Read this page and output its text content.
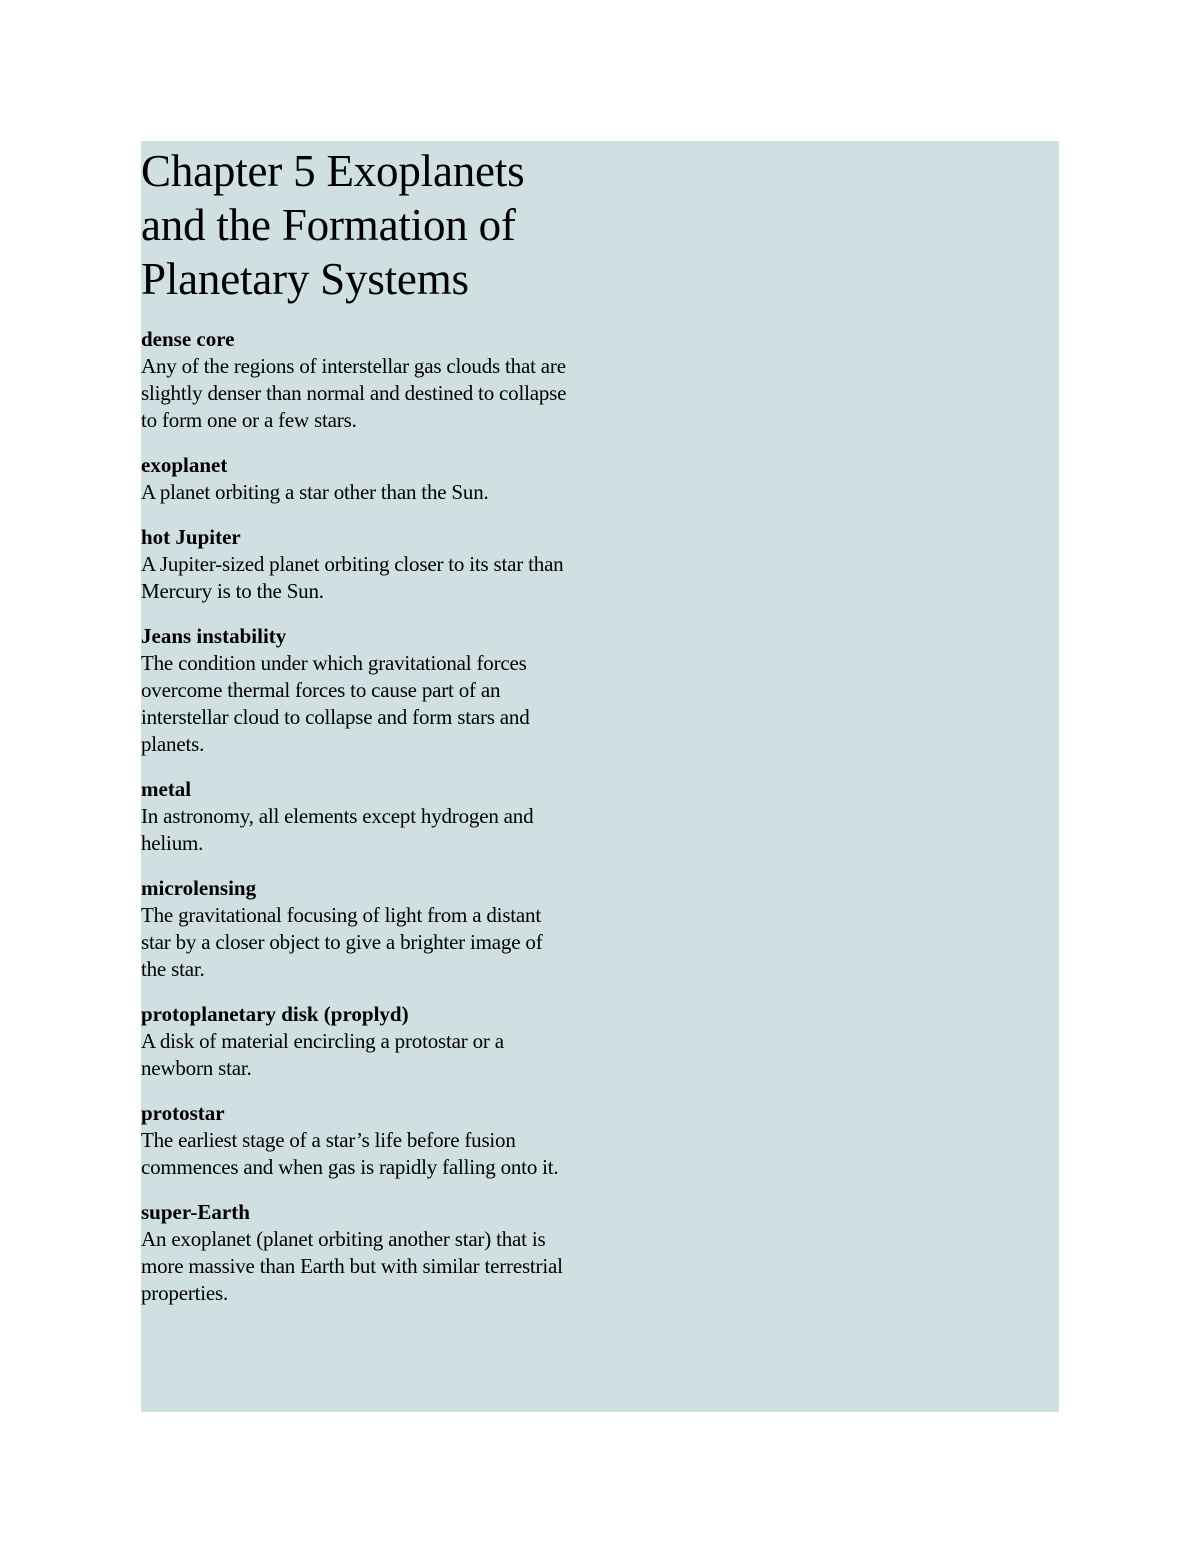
Chapter 5 Exoplanets and the Formation of Planetary Systems
dense core
Any of the regions of interstellar gas clouds that are slightly denser than normal and destined to collapse to form one or a few stars.
exoplanet
A planet orbiting a star other than the Sun.
hot Jupiter
A Jupiter-sized planet orbiting closer to its star than Mercury is to the Sun.
Jeans instability
The condition under which gravitational forces overcome thermal forces to cause part of an interstellar cloud to collapse and form stars and planets.
metal
In astronomy, all elements except hydrogen and helium.
microlensing
The gravitational focusing of light from a distant star by a closer object to give a brighter image of the star.
protoplanetary disk (proplyd)
A disk of material encircling a protostar or a newborn star.
protostar
The earliest stage of a star’s life before fusion commences and when gas is rapidly falling onto it.
super-Earth
An exoplanet (planet orbiting another star) that is more massive than Earth but with similar terrestrial properties.
